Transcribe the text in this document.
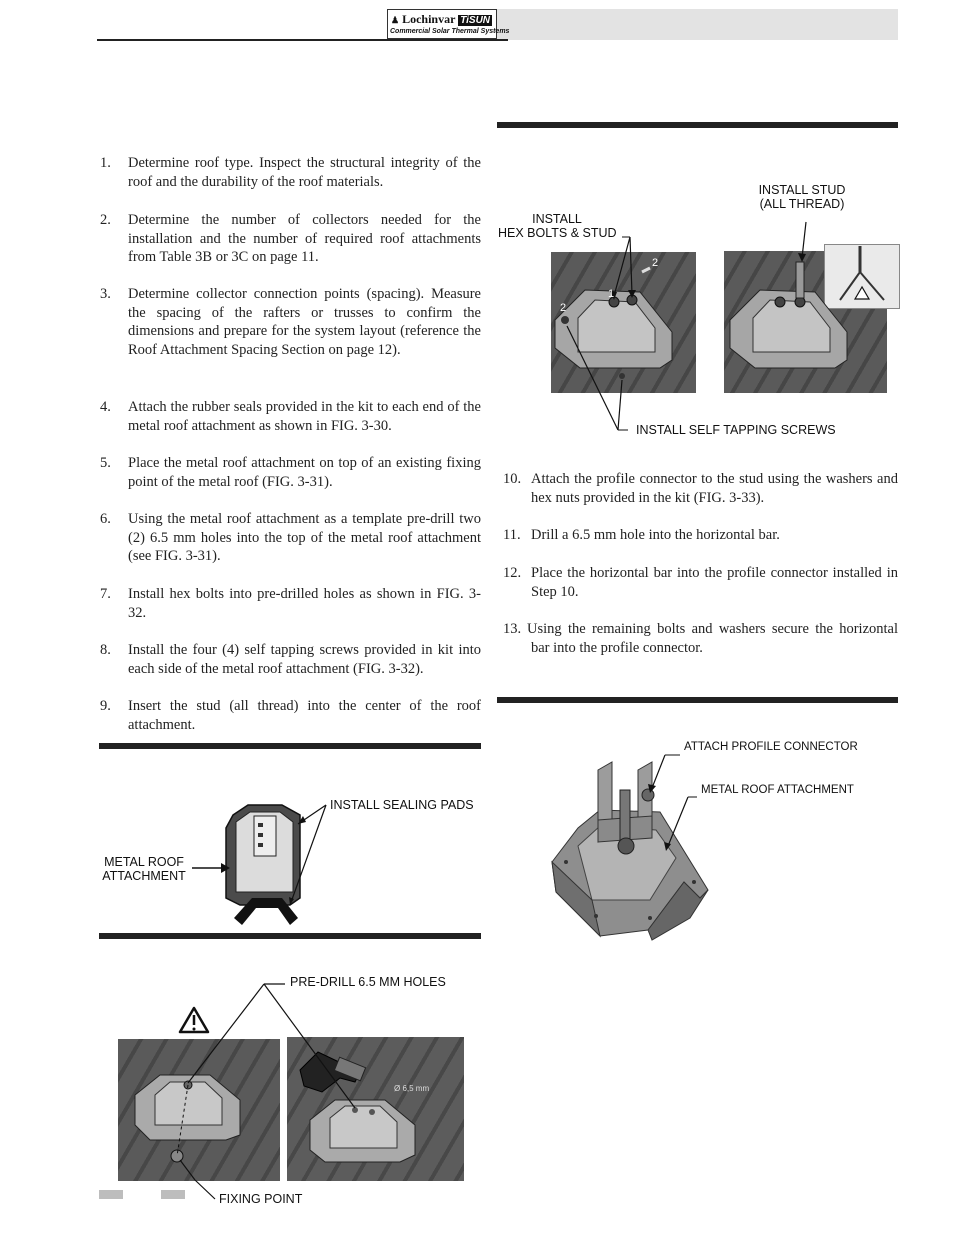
♟ Lochinvar TiSUN
Commercial Solar Thermal Systems
1. Determine roof type. Inspect the structural integrity of the roof and the durability of the roof materials.
2. Determine the number of collectors needed for the installation and the number of required roof attachments from Table 3B or 3C on page 11.
3. Determine collector connection points (spacing). Measure the spacing of the rafters or trusses to confirm the dimensions and prepare for the system layout (reference the Roof Attachment Spacing Section on page 12).
4. Attach the rubber seals provided in the kit to each end of the metal roof attachment as shown in FIG. 3-30.
5. Place the metal roof attachment on top of an existing fixing point of the metal roof (FIG. 3-31).
6. Using the metal roof attachment as a template pre-drill two (2) 6.5 mm holes into the top of the metal roof attachment (see FIG. 3-31).
7. Install hex bolts into pre-drilled holes as shown in FIG. 3-32.
8. Install the four (4) self tapping screws provided in kit into each side of the metal roof attachment (FIG. 3-32).
9. Insert the stud (all thread) into the center of the roof attachment.
INSTALL SEALING PADS
METAL ROOF
ATTACHMENT
PRE-DRILL 6.5 MM HOLES
Ø 6,5 mm
FIXING POINT
1
2
2
INSTALL
HEX BOLTS & STUD
INSTALL STUD
(ALL THREAD)
INSTALL SELF TAPPING SCREWS
10. Attach the profile connector to the stud using the washers and hex nuts provided in the kit (FIG. 3-33).
11. Drill a 6.5 mm hole into the horizontal bar.
12. Place the horizontal bar into the profile connector installed in Step 10.
13. Using the remaining bolts and washers secure the horizontal bar into the profile connector.
ATTACH PROFILE CONNECTOR
METAL ROOF ATTACHMENT
